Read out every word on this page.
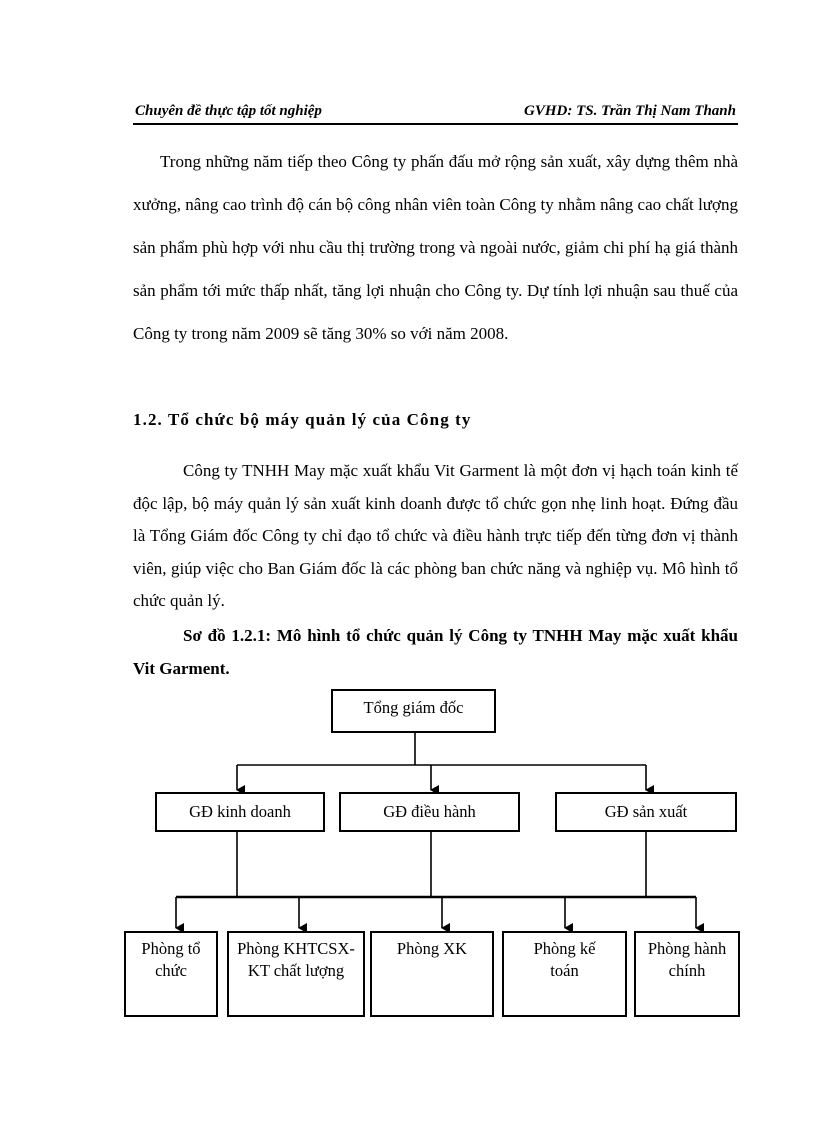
Chuyên đề thực tập tốt nghiệp	GVHD: TS. Trần Thị Nam Thanh

Trong những năm tiếp theo Công ty phấn đấu mở rộng sản xuất, xây dựng thêm nhà xưởng, nâng cao trình độ cán bộ công nhân viên toàn Công ty nhằm nâng cao chất lượng sản phẩm phù hợp với nhu cầu thị trường trong và ngoài nước, giảm chi phí hạ giá thành sản phẩm tới mức thấp nhất, tăng lợi nhuận cho Công ty. Dự tính lợi nhuận sau thuế của Công ty trong năm 2009 sẽ tăng 30% so với năm 2008.

1.2. Tổ chức bộ máy quản lý của Công ty

Công ty TNHH May mặc xuất khẩu Vit Garment là một đơn vị hạch toán kinh tế độc lập, bộ máy quản lý sản xuất kinh doanh được tổ chức gọn nhẹ linh hoạt. Đứng đầu là Tổng Giám đốc Công ty chỉ đạo tổ chức và điều hành trực tiếp đến từng đơn vị thành viên, giúp việc cho Ban Giám đốc là các phòng ban chức năng và nghiệp vụ. Mô hình tổ chức quản lý.

Sơ đồ 1.2.1: Mô hình tổ chức quản lý Công ty TNHH May mặc xuất khẩu Vit Garment.

Tổng giám đốc
GĐ kinh doanh	GĐ điều hành	GĐ sản xuất
Phòng tổ chức
Phòng KHTCSX- KT chất lượng
Phòng XK	Phòng kế toán
Phòng hành chính
